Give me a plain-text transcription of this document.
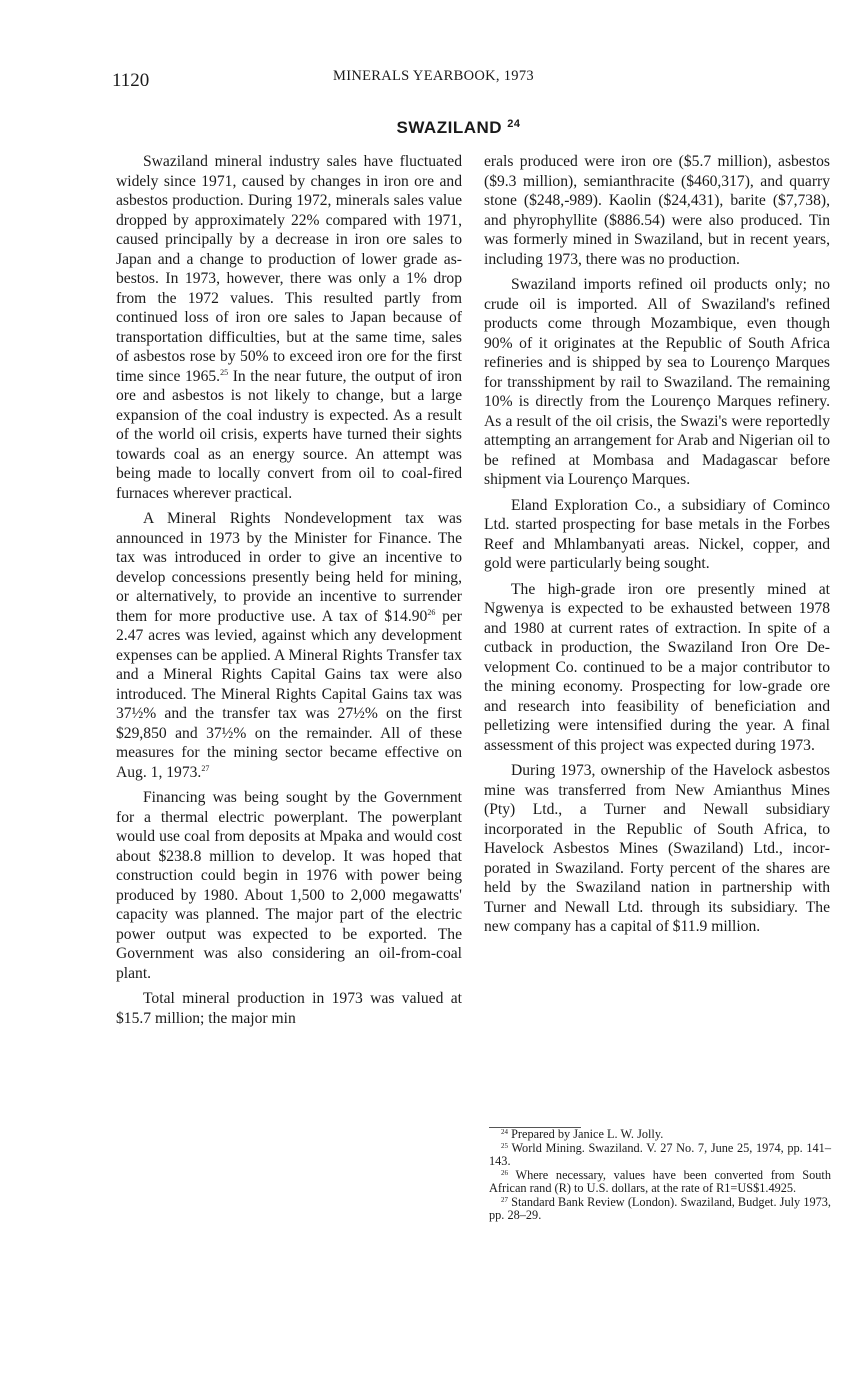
1120	MINERALS YEARBOOK, 1973
SWAZILAND $^{24}$

Swaziland mineral industry sales have fluctuated widely since 1971, caused by changes in iron ore and asbestos production. During 1972, minerals sales value dropped by approximately 22% compared with 1971, caused principally by a decrease in iron ore sales to Japan and a change to production of lower grade asbestos. In 1973, however, there was only a 1% drop from the 1972 values. This resulted partly from continued loss of iron ore sales to Japan because of transportation difficulties, but at the same time, sales of asbestos rose by 50% to exceed iron ore for the first time since 1965.25 In the near future, the output of iron ore and asbestos is not likely to change, but a large expansion of the coal industry is expected. As a result of the world oil crisis, experts have turned their sights towards coal as an energy source. An attempt was being made to locally convert from oil to coal-fired furnaces wherever practical.

A Mineral Rights Nondevelopment tax was announced in 1973 by the Minister for Finance. The tax was introduced in order to give an incentive to develop concessions presently being held for mining, or alternatively, to provide an incentive to surrender them for more productive use. A tax of $14.90$^{26}$ per 2.47 acres was levied, against which any development expenses can be applied. A Mineral Rights Transfer tax and a Mineral Rights Capital Gains tax were also introduced. The Mineral Rights Capital Gains tax was 37½% and the transfer tax was 27½% on the first $29,850 and 37½% on the remainder. All of these measures for the mining sector became effective on Aug. 1, 1973.27

Financing was being sought by the Government for a thermal electric powerplant. The powerplant would use coal from deposits at Mpaka and would cost about $238.8 million to develop. It was hoped that construction could begin in 1976 with power being produced by 1980. About 1,500 to 2,000 megawatts' capacity was planned. The major part of the electric power output was expected to be exported. The Government was also considering an oil-from-coal plant.

Total mineral production in 1973 was valued at $15.7 million; the major min

erals produced were iron ore ($5.7 million), asbestos ($9.3 million), semianthracite ($460,317), and quarry stone ($248,-989). Kaolin ($24,431), barite ($7,738), and phyrophyllite ($886.54) were also produced. Tin was formerly mined in Swaziland, but in recent years, including 1973, there was no production.

Swaziland imports refined oil products only; no crude oil is imported. All of Swaziland's refined products come through Mozambique, even though 90% of it originates at the Republic of South Africa refineries and is shipped by sea to Lourenço Marques for transshipment by rail to Swaziland. The remaining 10% is directly from the Lourenço Marques refinery. As a result of the oil crisis, the Swazi's were reportedly attempting an arrangement for Arab and Nigerian oil to be refined at Mombasa and Madagascar before shipment via Lourenço Marques.

Eland Exploration Co., a subsidiary of Cominco Ltd. started prospecting for base metals in the Forbes Reef and Mhlambanyati areas. Nickel, copper, and gold were particularly being sought.

The high-grade iron ore presently mined at Ngwenya is expected to be exhausted between 1978 and 1980 at current rates of extraction. In spite of a cutback in production, the Swaziland Iron Ore Development Co. continued to be a major contributor to the mining economy. Prospecting for low-grade ore and research into feasibility of beneficiation and pelletizing were intensified during the year. A final assessment of this project was expected during 1973.

During 1973, ownership of the Havelock asbestos mine was transferred from New Amianthus Mines (Pty) Ltd., a Turner and Newall subsidiary incorporated in the Republic of South Africa, to Havelock Asbestos Mines (Swaziland) Ltd., incorporated in Swaziland. Forty percent of the shares are held by the Swaziland nation in partnership with Turner and Newall Ltd. through its subsidiary. The new company has a capital of $11.9 million.

$^{24}$ Prepared by Janice L. W. Jolly.

$^{25}$ World Mining. Swaziland. V. 27 No. 7, June 25, 1974, pp. 141–143.

$^{26}$ Where necessary, values have been converted from South African rand (R) to U.S. dollars, at the rate of R1=US$1.4925.

$^{27}$ Standard Bank Review (London). Swaziland, Budget. July 1973, pp. 28–29.
